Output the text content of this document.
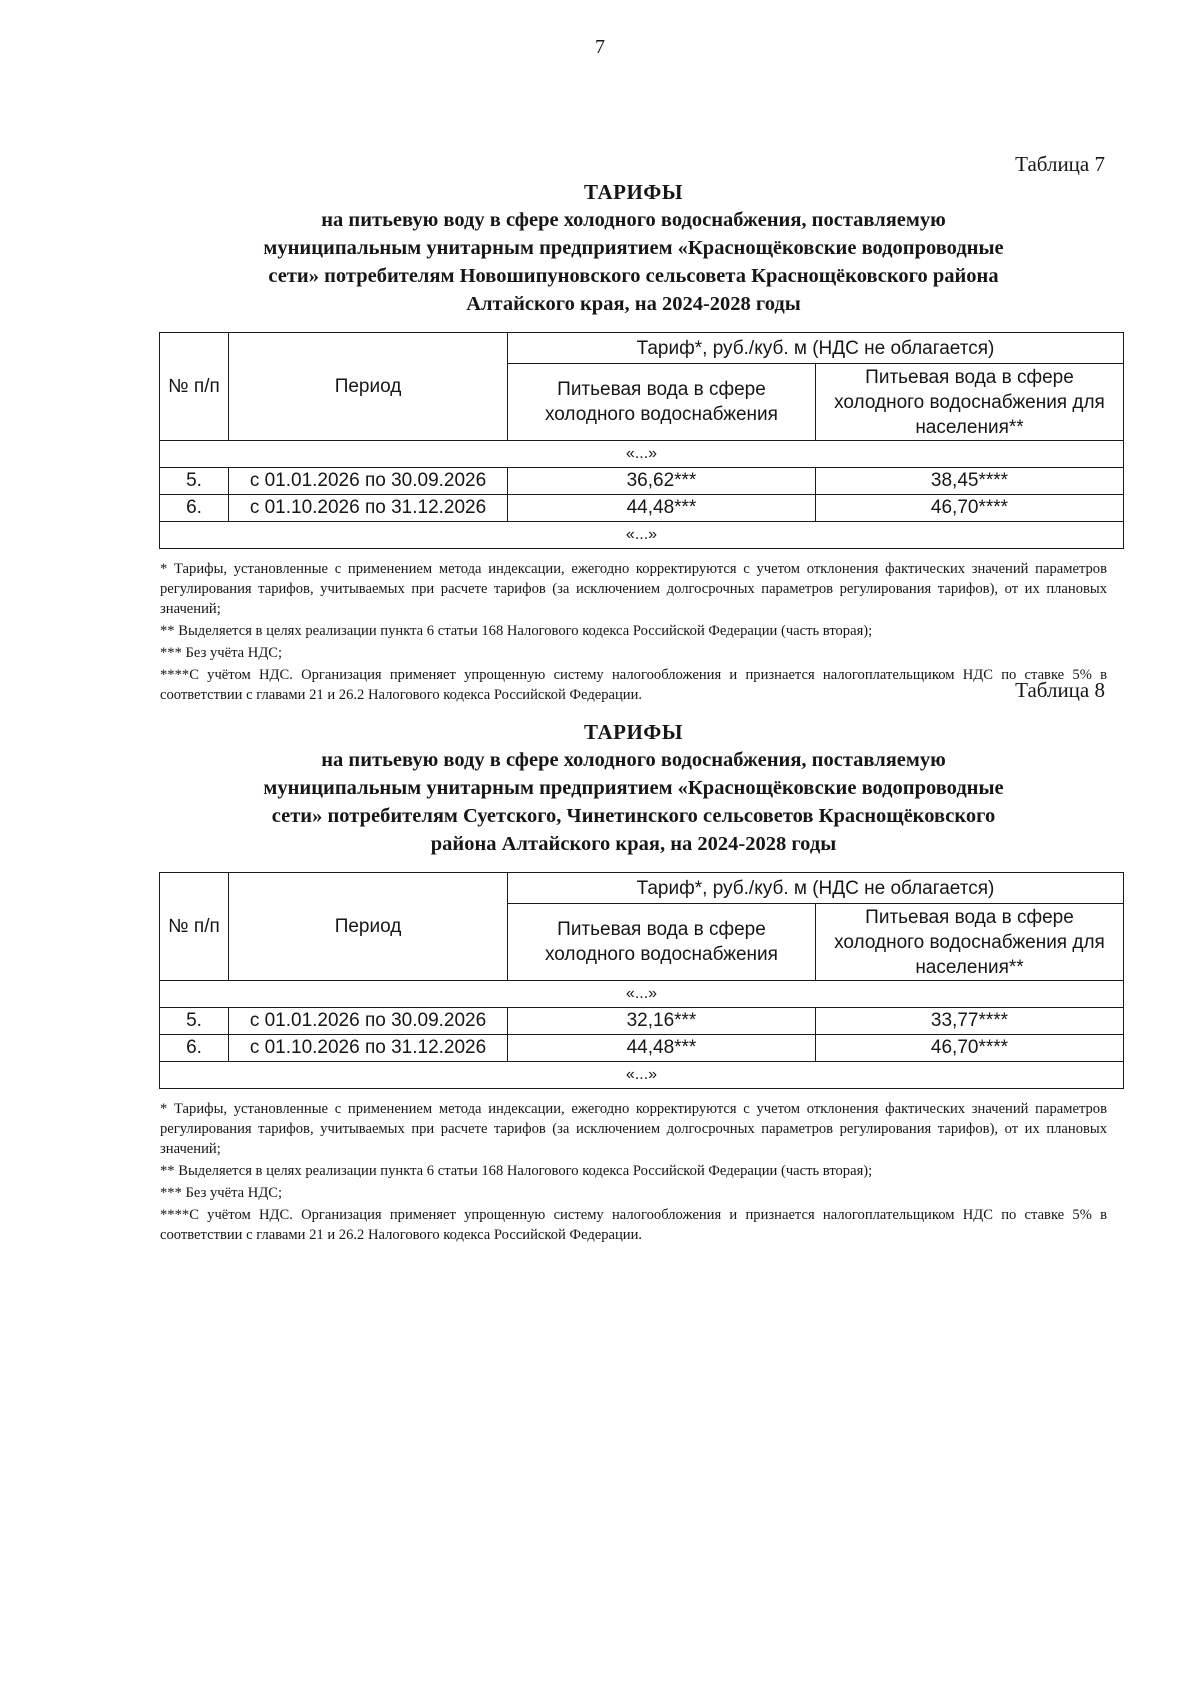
7
Таблица 7
ТАРИФЫ
на питьевую воду в сфере холодного водоснабжения, поставляемую
муниципальным унитарным предприятием «Краснощёковские водопроводные
сети» потребителям Новошипуновского сельсовета Краснощёковского района
Алтайского края, на 2024-2028 годы
№ п/п	Период	Тариф*, руб./куб. м (НДС не облагается)	
		Питьевая вода в сфере холодного водоснабжения	Питьевая вода в сфере холодного водоснабжения для населения**
«...»			
5.	с 01.01.2026 по 30.09.2026	36,62***	38,45****
6.	с 01.10.2026 по 31.12.2026	44,48***	46,70****
«...»			

* Тарифы, установленные с применением метода индексации, ежегодно корректируются с учетом отклонения фактических значений параметров регулирования тарифов, учитываемых при расчете тарифов (за исключением долгосрочных параметров регулирования тарифов), от их плановых значений;

** Выделяется в целях реализации пункта 6 статьи 168 Налогового кодекса Российской Федерации (часть вторая);

*** Без учёта НДС;

****С учётом НДС. Организация применяет упрощенную систему налогообложения и признается налогоплательщиком НДС по ставке 5% в соответствии с главами 21 и 26.2 Налогового кодекса Российской Федерации.	Таблица 8
ТАРИФЫ
на питьевую воду в сфере холодного водоснабжения, поставляемую
муниципальным унитарным предприятием «Краснощёковские водопроводные
сети» потребителям Суетского, Чинетинского сельсоветов Краснощёковского
района Алтайского края, на 2024-2028 годы
№ п/п	Период	Тариф*, руб./куб. м (НДС не облагается)	
		Питьевая вода в сфере холодного водоснабжения	Питьевая вода в сфере холодного водоснабжения для населения**
«...»			
5.	с 01.01.2026 по 30.09.2026	32,16***	33,77****
6.	с 01.10.2026 по 31.12.2026	44,48***	46,70****
«...»			

* Тарифы, установленные с применением метода индексации, ежегодно корректируются с учетом отклонения фактических значений параметров регулирования тарифов, учитываемых при расчете тарифов (за исключением долгосрочных параметров регулирования тарифов), от их плановых значений;

** Выделяется в целях реализации пункта 6 статьи 168 Налогового кодекса Российской Федерации (часть вторая);

*** Без учёта НДС;

****С учётом НДС. Организация применяет упрощенную систему налогообложения и признается налогоплательщиком НДС по ставке 5% в соответствии с главами 21 и 26.2 Налогового кодекса Российской Федерации.
